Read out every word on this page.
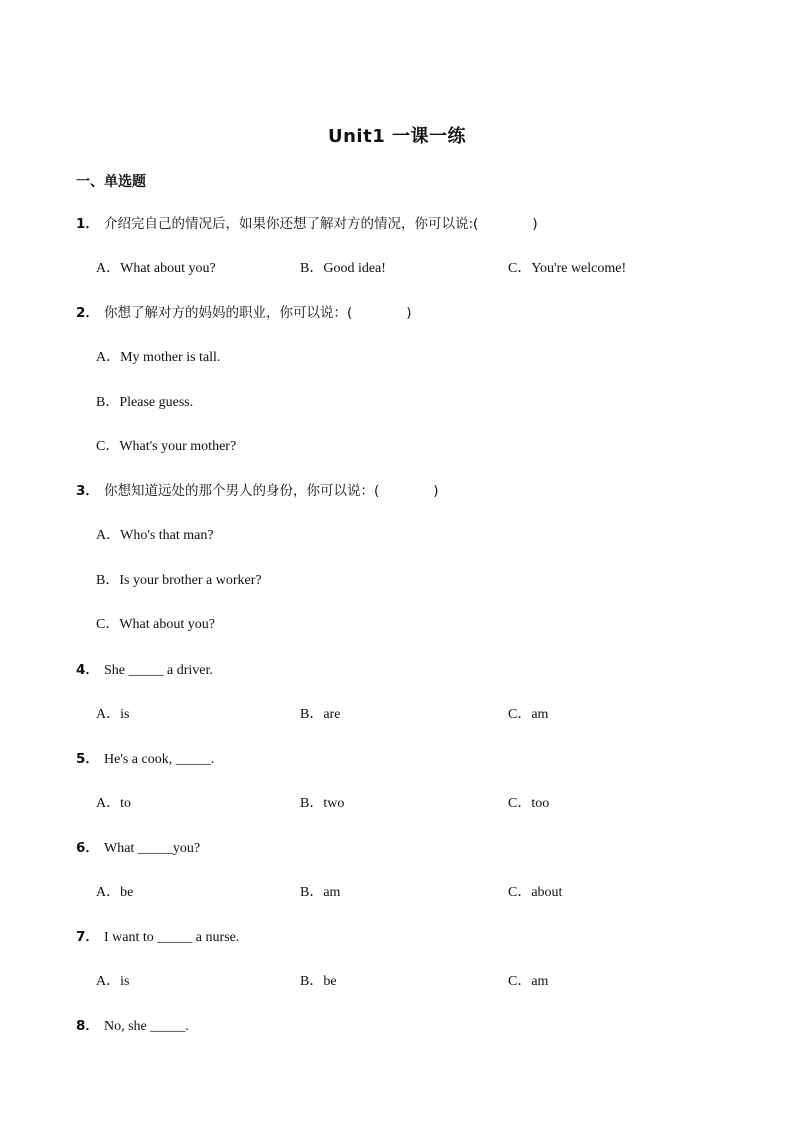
Unit1 一课一练
一、单选题
1． 介绍完自己的情况后，如果你还想了解对方的情况，你可以说:(　　　　)
A．What about you?	B．Good idea!	C．You're welcome!
2． 你想了解对方的妈妈的职业，你可以说：(　　　　)
A．My mother is tall.
B．Please guess.
C．What's your mother?
3． 你想知道远处的那个男人的身份，你可以说：(　　　　)
A．Who's that man?
B．Is your brother a worker?
C．What about you?
4． She _____ a driver.
A．is	B．are	C．am
5． He's a cook, _____.
A．to	B．two	C．too
6． What _____you?
A．be	B．am	C．about
7． I want to _____ a nurse.
A．is	B．be	C．am
8． No, she _____.
